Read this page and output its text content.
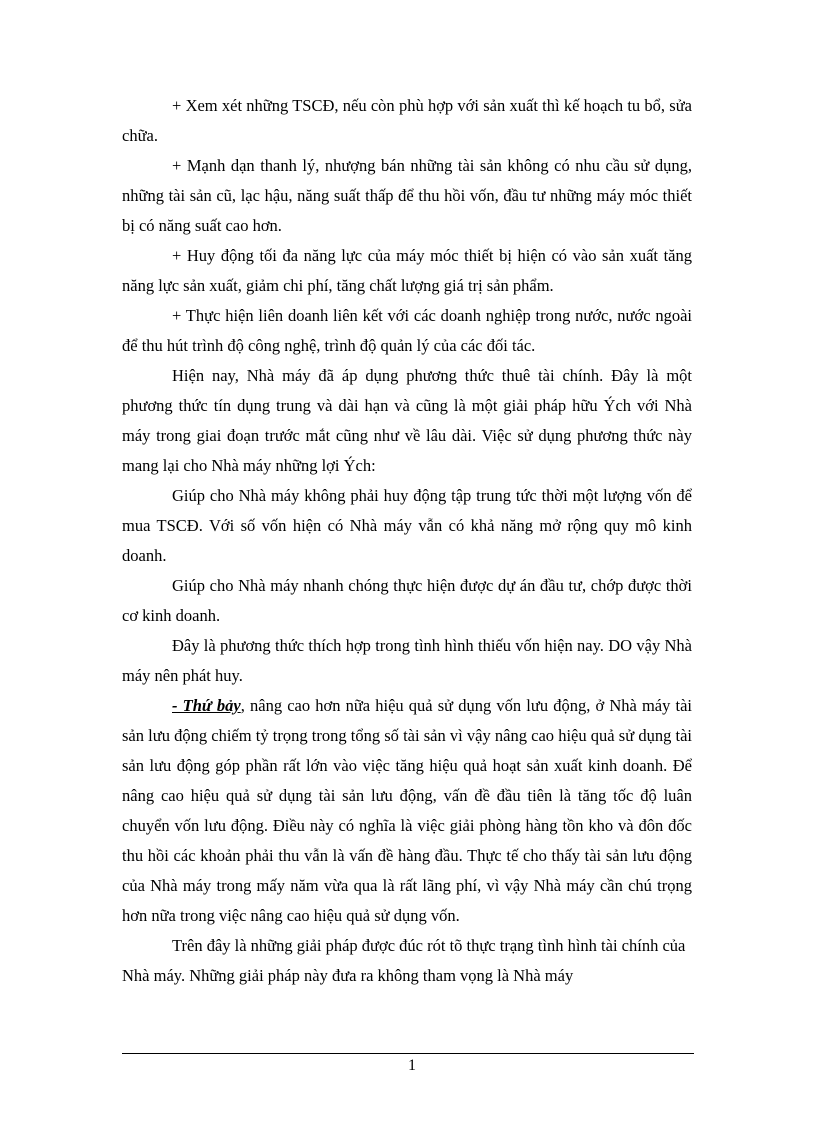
+ Xem xét những TSCĐ, nếu còn phù hợp với sản xuất thì kế hoạch tu bổ, sửa chữa.

+ Mạnh dạn thanh lý, nhượng bán những tài sản không có nhu cầu sử dụng, những tài sản cũ, lạc hậu, năng suất thấp để thu hồi vốn, đầu tư những máy móc thiết bị có năng suất cao hơn.

+ Huy động tối đa năng lực của máy móc thiết bị hiện có vào sản xuất tăng năng lực sản xuất, giảm chi phí, tăng chất lượng giá trị sản phẩm.

+ Thực hiện liên doanh liên kết với các doanh nghiệp trong nước, nước ngoài để thu hút trình độ công nghệ, trình độ quản lý của các đối tác.

Hiện nay, Nhà máy đã áp dụng phương thức thuê tài chính. Đây là một phương thức tín dụng trung và dài hạn và cũng là một giải pháp hữu Ých với Nhà máy trong giai đoạn trước mắt cũng như về lâu dài. Việc sử dụng phương thức này mang lại cho Nhà máy những lợi Ých:

Giúp cho Nhà máy không phải huy động tập trung tức thời một lượng vốn để mua TSCĐ. Với số vốn hiện có Nhà máy vẫn có khả năng mở rộng quy mô kinh doanh.

Giúp cho Nhà máy nhanh chóng thực hiện được dự án đầu tư, chớp được thời cơ kinh doanh.

Đây là phương thức thích hợp trong tình hình thiếu vốn hiện nay. DO vậy Nhà máy nên phát huy.

- Thứ bảy, nâng cao hơn nữa hiệu quả sử dụng vốn lưu động, ở Nhà máy tài sản lưu động chiếm tỷ trọng trong tổng số tài sản vì vậy nâng cao hiệu quả sử dụng tài sản lưu động góp phần rất lớn vào việc tăng hiệu quả hoạt sản xuất kinh doanh. Để nâng cao hiệu quả sử dụng tài sản lưu động, vấn đề đầu tiên là tăng tốc độ luân chuyển vốn lưu động. Điều này có nghĩa là việc giải phòng hàng tồn kho và đôn đốc thu hồi các khoản phải thu vẫn là vấn đề hàng đầu. Thực tế cho thấy tài sản lưu động của Nhà máy trong mấy năm vừa qua là rất lãng phí, vì vậy Nhà máy cần chú trọng hơn nữa trong việc nâng cao hiệu quả sử dụng vốn.

Trên đây là những giải pháp được đúc rót tõ thực trạng tình hình tài chính của Nhà máy. Những giải pháp này đưa ra không tham vọng là Nhà máy

1
